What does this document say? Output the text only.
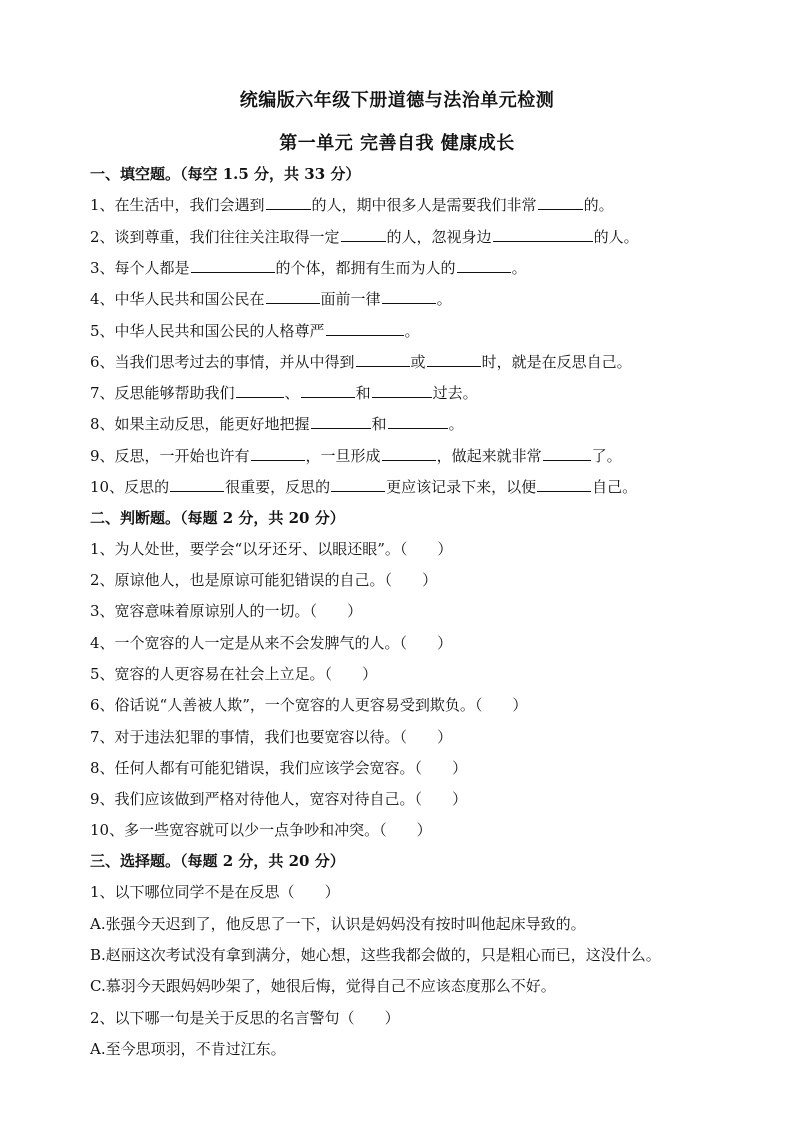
统编版六年级下册道德与法治单元检测
第一单元 完善自我 健康成长
一、填空题。（每空 1.5 分，共 33 分）
1、在生活中，我们会遇到	的人，期中很多人是需要我们非常	的。
2、谈到尊重，我们往往关注取得一定	的人，忽视身边	的人。
3、每个人都是	的个体，都拥有生而为人的	。
4、中华人民共和国公民在	面前一律	。
5、中华人民共和国公民的人格尊严	。
6、当我们思考过去的事情，并从中得到	或	时，就是在反思自己。
7、反思能够帮助我们	、	和	过去。
8、如果主动反思，能更好地把握	和	。
9、反思，一开始也许有	，一旦形成	，做起来就非常	了。
10、反思的	很重要，反思的	更应该记录下来，以便	自己。
二、判断题。（每题 2 分，共 20 分）
1、为人处世，要学会“以牙还牙、以眼还眼”。（ ）
2、原谅他人，也是原谅可能犯错误的自己。（ ）
3、宽容意味着原谅别人的一切。（ ）
4、一个宽容的人一定是从来不会发脾气的人。（ ）
5、宽容的人更容易在社会上立足。（ ）
6、俗话说“人善被人欺”，一个宽容的人更容易受到欺负。（ ）
7、对于违法犯罪的事情，我们也要宽容以待。（ ）
8、任何人都有可能犯错误，我们应该学会宽容。（ ）
9、我们应该做到严格对待他人，宽容对待自己。（ ）
10、多一些宽容就可以少一点争吵和冲突。（ ）
三、选择题。（每题 2 分，共 20 分）
1、以下哪位同学不是在反思（ ）
A.张强今天迟到了，他反思了一下，认识是妈妈没有按时叫他起床导致的。
B.赵丽这次考试没有拿到满分，她心想，这些我都会做的，只是粗心而已，这没什么。
C.慕羽今天跟妈妈吵架了，她很后悔，觉得自己不应该态度那么不好。
2、以下哪一句是关于反思的名言警句（ ）
A.至今思项羽，不肯过江东。
